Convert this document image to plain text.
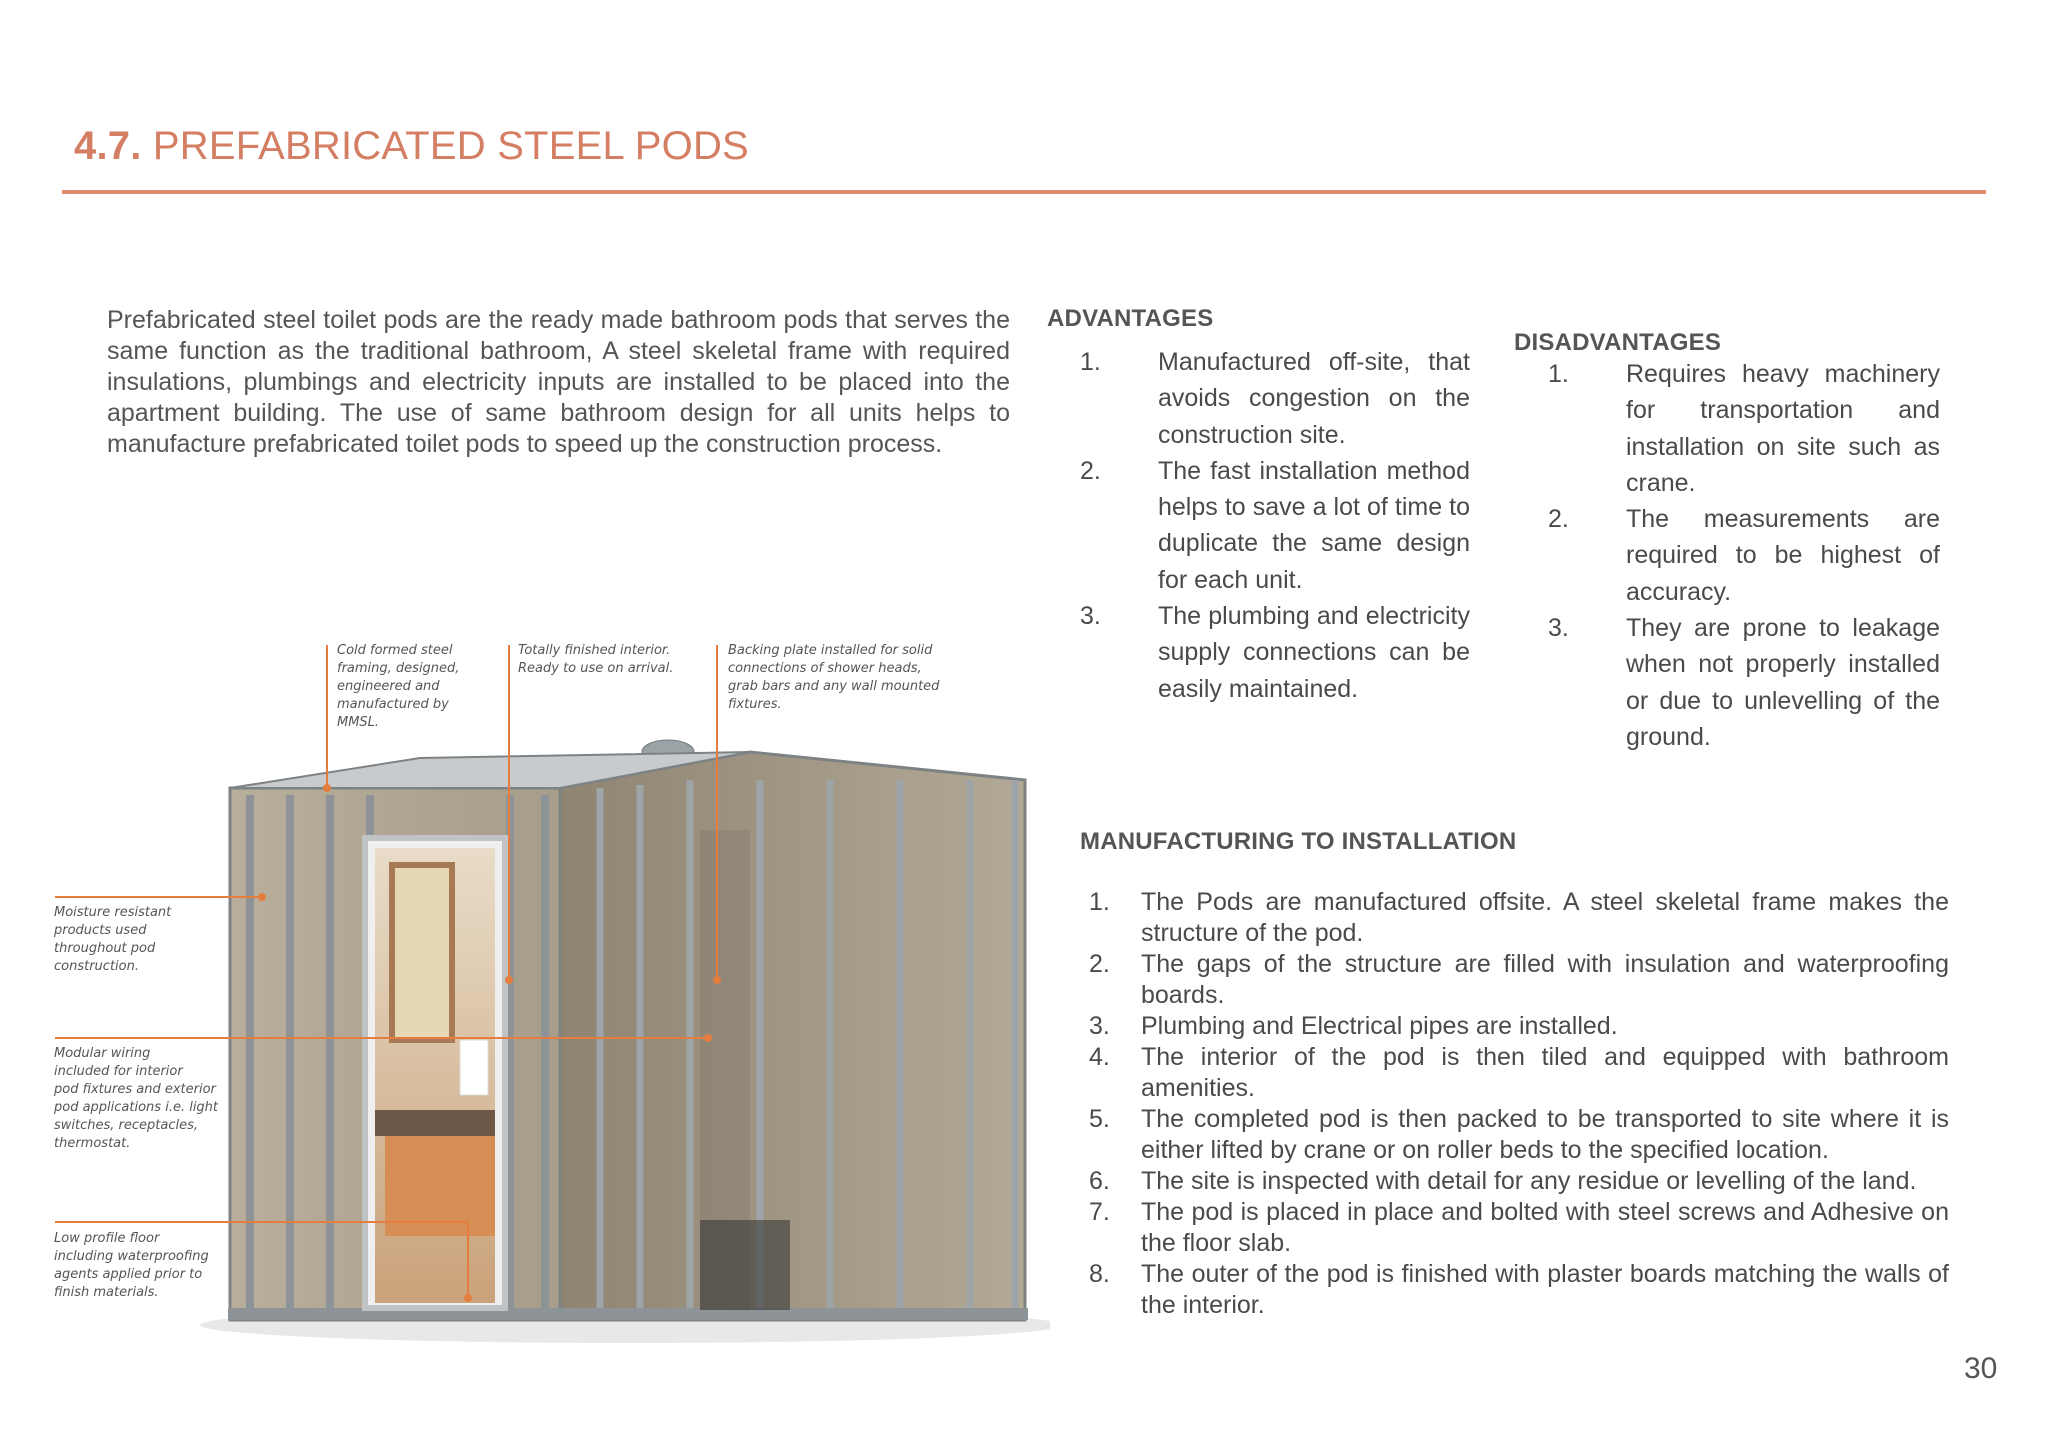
4.7. PREFABRICATED STEEL PODS
Prefabricated steel toilet pods are the ready made bathroom pods that serves the same function as the traditional bathroom, A steel skeletal frame with required insulations, plumbings and electricity inputs are installed to be placed into the apartment building. The use of same bathroom design for all units helps to manufacture prefabricated toilet pods to speed up the construction process.
ADVANTAGES
1. Manufactured off-site, that avoids congestion on the construction site.
2. The fast installation method helps to save a lot of time to duplicate the same design for each unit.
3. The plumbing and electricity supply connections can be easily maintained.
DISADVANTAGES
1. Requires heavy machinery for transportation and installation on site such as crane.
2. The measurements are required to be highest of accuracy.
3. They are prone to leakage when not properly installed or due to unlevelling of the ground.
MANUFACTURING TO INSTALLATION
1. The Pods are manufactured offsite. A steel skeletal frame makes the structure of the pod.
2. The gaps of the structure are filled with insulation and waterproofing boards.
3. Plumbing and Electrical pipes are installed.
4. The interior of the pod is then tiled and equipped with bathroom amenities.
5. The completed pod is then packed to be transported to site where it is either lifted by crane or on roller beds to the specified location.
6. The site is inspected with detail for any residue or levelling of the land.
7. The pod is placed in place and bolted with steel screws and Adhesive on the floor slab.
8. The outer of the pod is finished with plaster boards matching the walls of the interior.
Cold formed steel
framing, designed,
engineered and
manufactured by
MMSL.
Totally finished interior.
Ready to use on arrival.
Backing plate installed for solid
connections of shower heads,
grab bars and any wall mounted
fixtures.
Moisture resistant
products used
throughout pod
construction.
Modular wiring
included for interior
pod fixtures and exterior
pod applications i.e. light
switches, receptacles,
thermostat.
Low profile floor
including waterproofing
agents applied prior to
finish materials.
30
